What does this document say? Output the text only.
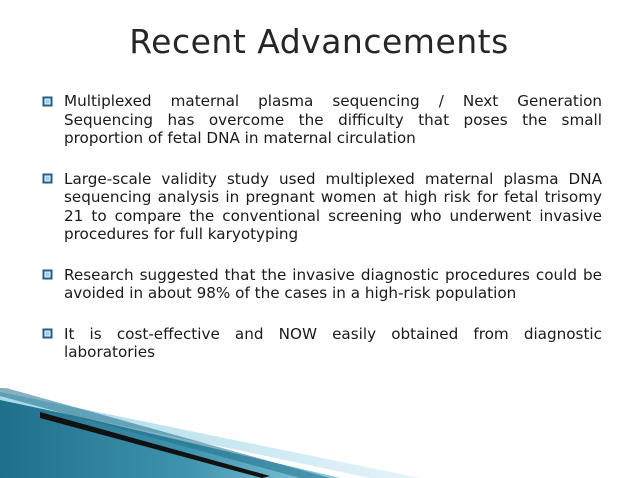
Recent Advancements
Multiplexed maternal plasma sequencing / Next Generation Sequencing has overcome the difficulty that poses the small proportion of fetal DNA in maternal circulation
Large-scale validity study used multiplexed maternal plasma DNA sequencing analysis in pregnant women at high risk for fetal trisomy 21 to compare the conventional screening who underwent invasive procedures for full karyotyping
Research suggested that the invasive diagnostic procedures could be avoided in about 98% of the cases in a high-risk population
It is cost-effective and NOW easily obtained from diagnostic laboratories
